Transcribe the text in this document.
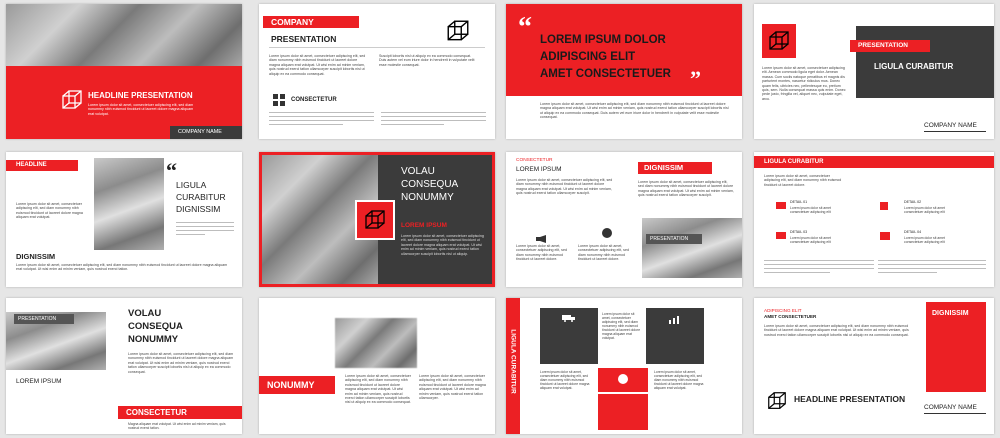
HEADLINE PRESENTATION
Lorem ipsum dolor sit amet, consectetuer adipiscing elit, sed diam nonummy nibh euismod tincidunt ut laoreet dolore magna aliquam erat volutpat.
COMPANY NAME
COMPANY
PRESENTATION
Lorem ipsum dolor sit amet, consectetuer adipiscing elit, sed diam nonummy nibh euismod tincidunt ut laoreet dolore magna aliquam erat volutpat. Ut wisi enim ad minim veniam, quis nostrud exerci tation ullamcorper suscipit lobortis nisl ut aliquip ex ea commodo consequat.
Suscipit lobortis nisl ut aliquip ex ea commodo consequat. Duis autem vel eum iriure dolor in hendrerit in vulputate velit esse molestie consequat.
CONSECTETUR
“ LOREM IPSUM DOLOR
ADIPISCING ELIT
AMET CONSECTETUER ”
Lorem ipsum dolor sit amet, consectetuer adipiscing elit, sed diam nonummy nibh euismod tincidunt ut laoreet dolore magna aliquam erat volutpat. Ut wisi enim ad minim veniam, quis nostrud exerci tation ullamcorper suscipit lobortis nisl ut aliquip ex ea commodo consequat. Duis autem vel eum iriure dolor in hendrerit in vulputate velit esse molestie consequat.
PRESENTATION
LIGULA CURABITUR
Lorem ipsum dolor sit amet, consectetuer adipiscing elit. Aenean commodo ligula eget dolor. Aenean massa. Cum sociis natoque penatibus et magnis dis parturient montes, nascetur ridiculus mus. Donec quam felis, ultricies nec, pellentesque eu, pretium quis, sem. Nulla consequat massa quis enim. Donec pede justo, fringilla vel, aliquet nec, vulputate eget, arcu.
COMPANY NAME
HEADLINE
Lorem ipsum dolor sit amet, consectetuer adipiscing elit, sed diam nonummy nibh euismod tincidunt ut laoreet dolore magna aliquam erat volutpat.
DIGNISSIM
Lorem ipsum dolor sit amet, consectetuer adipiscing elit, sed diam nonummy nibh euismod tincidunt ut laoreet dolore magna aliquam erat volutpat. Ut wisi enim ad minim veniam, quis nostrud exerci tation.
“
LIGULA
CURABITUR
DIGNISSIM
VOLAU
CONSEQUA
NONUMMY
LOREM IPSUM
Lorem ipsum dolor sit amet, consectetuer adipiscing elit, sed diam nonummy nibh euismod tincidunt ut laoreet dolore magna aliquam erat volutpat. Ut wisi enim ad minim veniam, quis nostrud exerci tation ullamcorper suscipit lobortis nisl ut aliquip.
CONSECTETUR
LOREM IPSUM
Lorem ipsum dolor sit amet, consectetuer adipiscing elit, sed diam nonummy nibh euismod tincidunt ut laoreet dolore magna aliquam erat volutpat. Ut wisi enim ad minim veniam, quis nostrud exerci tation ullamcorper suscipit.
DIGNISSIM
Lorem ipsum dolor sit amet, consectetuer adipiscing elit, sed diam nonummy nibh euismod tincidunt ut laoreet dolore magna aliquam erat volutpat. Ut wisi enim ad minim veniam, quis nostrud exerci tation ullamcorper suscipit.
PRESENTATION
Lorem ipsum dolor sit amet, consectetuer adipiscing elit, sed diam nonummy nibh euismod tincidunt ut laoreet dolore.
Lorem ipsum dolor sit amet, consectetuer adipiscing elit, sed diam nonummy nibh euismod tincidunt ut laoreet dolore.
LIGULA CURABITUR
Lorem ipsum dolor sit amet, consectetuer adipiscing elit, sed diam nonummy nibh euismod tincidunt ut laoreet dolore.
DETAIL 01
Lorem ipsum dolor sit amet consectetuer adipiscing elit
DETAIL 02
Lorem ipsum dolor sit amet consectetuer adipiscing elit
DETAIL 03
Lorem ipsum dolor sit amet consectetuer adipiscing elit
DETAIL 04
Lorem ipsum dolor sit amet consectetuer adipiscing elit
PRESENTATION	VOLAU
CONSEQUA
NONUMMY
Lorem ipsum dolor sit amet, consectetuer adipiscing elit, sed diam nonummy nibh euismod tincidunt ut laoreet dolore magna aliquam erat volutpat. Ut wisi enim ad minim veniam, quis nostrud exerci tation ullamcorper suscipit lobortis nisl ut aliquip ex ea commodo consequat.
LOREM IPSUM
CONSECTETUR
Magna aliquam erat volutpat. Ut wisi enim ad minim veniam, quis nostrud exerci tation.
NONUMMY
Lorem ipsum dolor sit amet, consectetuer adipiscing elit, sed diam nonummy nibh euismod tincidunt ut laoreet dolore magna aliquam erat volutpat. Ut wisi enim ad minim veniam, quis nostrud exerci tation ullamcorper suscipit lobortis nisl ut aliquip ex ea commodo consequat.
Lorem ipsum dolor sit amet, consectetuer adipiscing elit, sed diam nonummy nibh euismod tincidunt ut laoreet dolore magna aliquam erat volutpat. Ut wisi enim ad minim veniam, quis nostrud exerci tation ullamcorper.
LIGULA CURABITUR
Lorem ipsum dolor sit amet, consectetuer adipiscing elit, sed diam nonummy nibh euismod tincidunt ut laoreet dolore magna aliquam erat volutpat.
Lorem ipsum dolor sit amet, consectetuer adipiscing elit, sed diam nonummy nibh euismod tincidunt ut laoreet dolore magna aliquam erat volutpat.
Lorem ipsum dolor sit amet, consectetuer adipiscing elit, sed diam nonummy nibh euismod tincidunt ut laoreet dolore magna aliquam erat volutpat.
ADIPISCING ELIT
AMET CONSECTETUER
Lorem ipsum dolor sit amet, consectetuer adipiscing elit, sed diam nonummy nibh euismod tincidunt ut laoreet dolore magna aliquam erat volutpat. Ut wisi enim ad minim veniam, quis nostrud exerci tation ullamcorper suscipit lobortis nisl ut aliquip ex ea commodo consequat.
DIGNISSIM
HEADLINE PRESENTATION
COMPANY NAME
